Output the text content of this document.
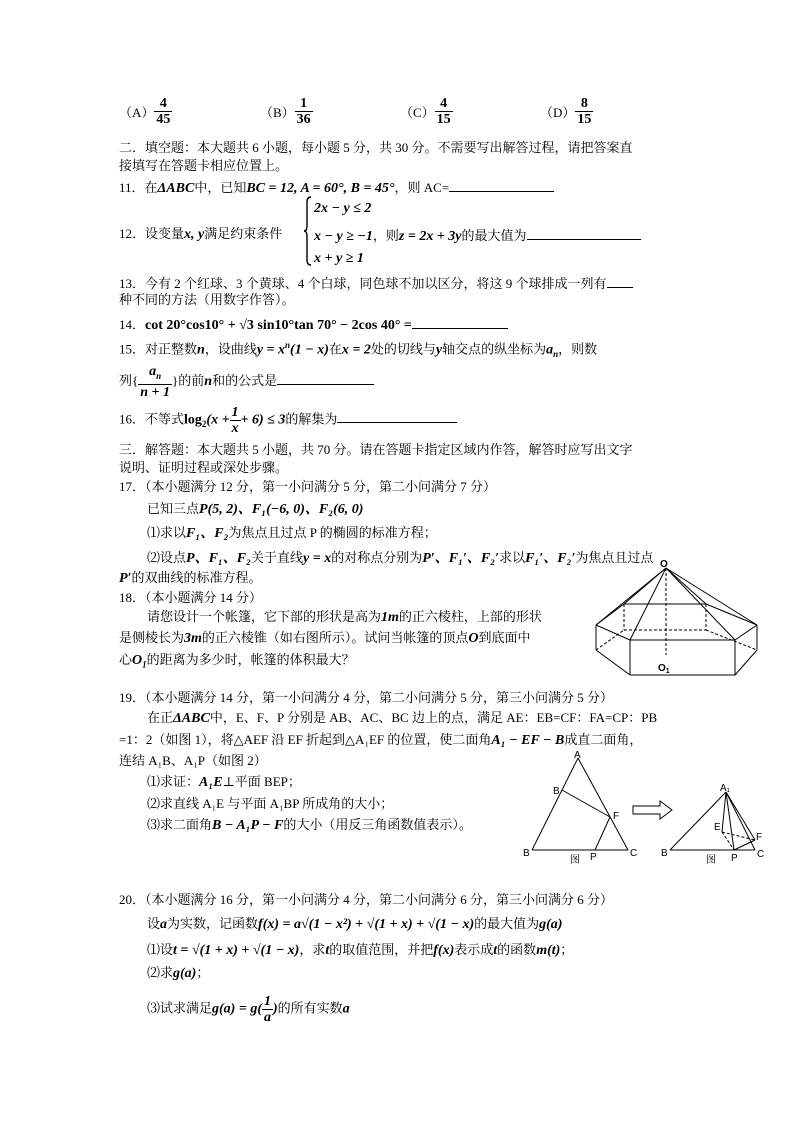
$(A) \frac{4}{45}$	$(B) \frac{1}{36}$	$(C) \frac{4}{15}$	$(D) \frac{8}{15}$
二．填空题：本大题共 6 小题，每小题 5 分，共 30 分。不需要写出解答过程，请把答案直
接填写在答题卡相应位置上。
11．在ΔABC中，已知BC = 12, A = 60°, B = 45°，则 AC=
12．设变量x, y满足约束条件
2x − y ≤ 2
x − y ≥ −1，则z = 2x + 3y的最大值为
x + y ≥ 1
13．今有 2 个红球、3 个黄球、4 个白球，同色球不加以区分，将这 9 个球排成一列有
种不同的方法（用数字作答）。
14．cot 20°cos10° + √3 sin10°tan 70° − 2cos 40° =
15．对正整数n，设曲线$y = x^n(1 - x)$在x = 2处的切线与y轴交点的纵坐标为$a_n$，则数
列{ $\frac{a_n}{n + 1}$ }的前n和的公式是
16．不等式$\log_2(x + \frac{1}{x} + 6) \le 3$的解集为
三．解答题：本大题共 5 小题，共 70 分。请在答题卡指定区域内作答，解答时应写出文字
说明、证明过程或深处步骤。
17．（本小题满分 12 分，第一小问满分 5 分，第二小问满分 7 分）
已知三点P(5, 2)、F₁(−6, 0)、F₂(6, 0)
⑴求以F₁、F₂为焦点且过点 P 的椭圆的标准方程；
⑵设点P、F₁、F₂关于直线y = x的对称点分别为P′、F₁′、F₂′求以F₁′、F₂′为焦点且过点
P′的双曲线的标准方程。
18．（本小题满分 14 分）
请您设计一个帐篷，它下部的形状是高为1m的正六棱柱，上部的形状
是侧棱长为3m的正六棱锥（如右图所示）。试问当帐篷的顶点O到底面中
心$O_1$的距离为多少时，帐篷的体积最大？
O
$O_1$
19．（本小题满分 14 分，第一小问满分 4 分，第二小问满分 5 分，第三小问满分 5 分）
在正ΔABC中，E、F、P 分别是 AB、AC、BC 边上的点，满足 AE：EB=CF：FA=CP：PB
=1：2（如图 1），将△AEF 沿 EF 折起到△A₁EF 的位置，使二面角A₁ − EF − B成直二面角，
连结 A₁B、A₁P（如图 2）
⑴求证：A₁E⊥平面 BEP；
⑵求直线 A₁E 与平面 A₁BP 所成角的大小；
⑶求二面角B − A₁P − F的大小（用反三角函数值表示）。
A
B
F
C
P
B
图
A₁
E
F
C
P
B
图
20．（本小题满分 16 分，第一小问满分 4 分，第二小问满分 6 分，第三小问满分 6 分）
设a为实数，记函数f(x) = a√(1 − x²) + √(1 + x) + √(1 − x)的最大值为g(a)
⑴设t = √(1 + x) + √(1 − x)，求t的取值范围，并把f(x)表示成t的函数m(t)；
⑵求g(a)；
⑶试求满足$g(a) = g( \frac{1}{a}$ )的所有实数a
